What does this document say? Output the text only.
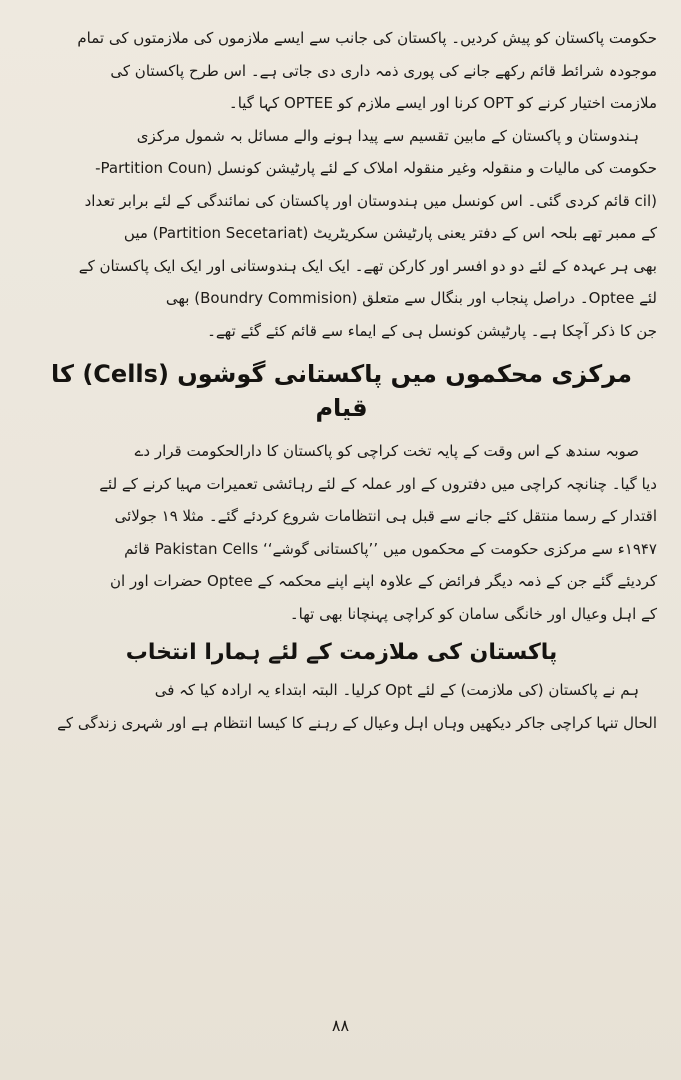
حکومت پاکستان کو پیش کردیں۔ پاکستان کی جانب سے ایسے ملازموں کی ملازمتوں کی تمام

موجودہ شرائط قائم رکھے جانے کی پوری ذمہ داری دی جاتی ہے۔ اس طرح پاکستان کی

ملازمت اختیار کرنے کو OPT کرنا اور ایسے ملازم کو OPTEE کہا گیا۔

ہندوستان و پاکستان کے مابین تقسیم سے پیدا ہونے والے مسائل بہ شمول مرکزی

حکومت کی مالیات و منقولہ وغیر منقولہ املاک کے لئے پارٹیشن کونسل (Partition Coun-

(cil قائم کردی گئی۔ اس کونسل میں ہندوستان اور پاکستان کی نمائندگی کے لئے برابر تعداد

کے ممبر تھے بلحہ اس کے دفتر یعنی پارٹیشن سکریٹریٹ (Partition Secetariat) میں

بھی ہر عہدہ کے لئے دو دو افسر اور کارکن تھے۔ ایک ایک ہندوستانی اور ایک ایک پاکستان کے

لئے Optee۔ دراصل پنجاب اور بنگال سے متعلق (Boundry Commision) بھی

جن کا ذکر آچکا ہے۔ پارٹیشن کونسل ہی کے ایماء سے قائم کئے گئے تھے۔

مرکزی محکموں میں پاکستانی گوشوں (Cells) کا قیام

صوبہ سندھ کے اس وقت کے پایہ تخت کراچی کو پاکستان کا دارالحکومت قرار دے

دیا گیا۔ چنانچہ کراچی میں دفتروں کے اور عملہ کے لئے رہائشی تعمیرات مہیا کرنے کے لئے

اقتدار کے رسما منتقل کئے جانے سے قبل ہی انتظامات شروع کردئے گئے۔ مثلا ۱۹ جولائی

۱۹۴۷ء سے مرکزی حکومت کے محکموں میں ’’پاکستانی گوشے‘‘ Pakistan Cells قائم

کردیئے گئے جن کے ذمہ دیگر فرائض کے علاوہ اپنے اپنے محکمہ کے Optee حضرات اور ان

کے اہل وعیال اور خانگی سامان کو کراچی پہنچانا بھی تھا۔

پاکستان کی ملازمت کے لئے ہمارا انتخاب

ہم نے پاکستان (کی ملازمت) کے لئے Opt کرلیا۔ البتہ ابتداء یہ ارادہ کیا کہ فی

الحال تنہا کراچی جاکر دیکھیں وہاں اہل وعیال کے رہنے کا کیسا انتظام ہے اور شہری زندگی کے

۸۸
